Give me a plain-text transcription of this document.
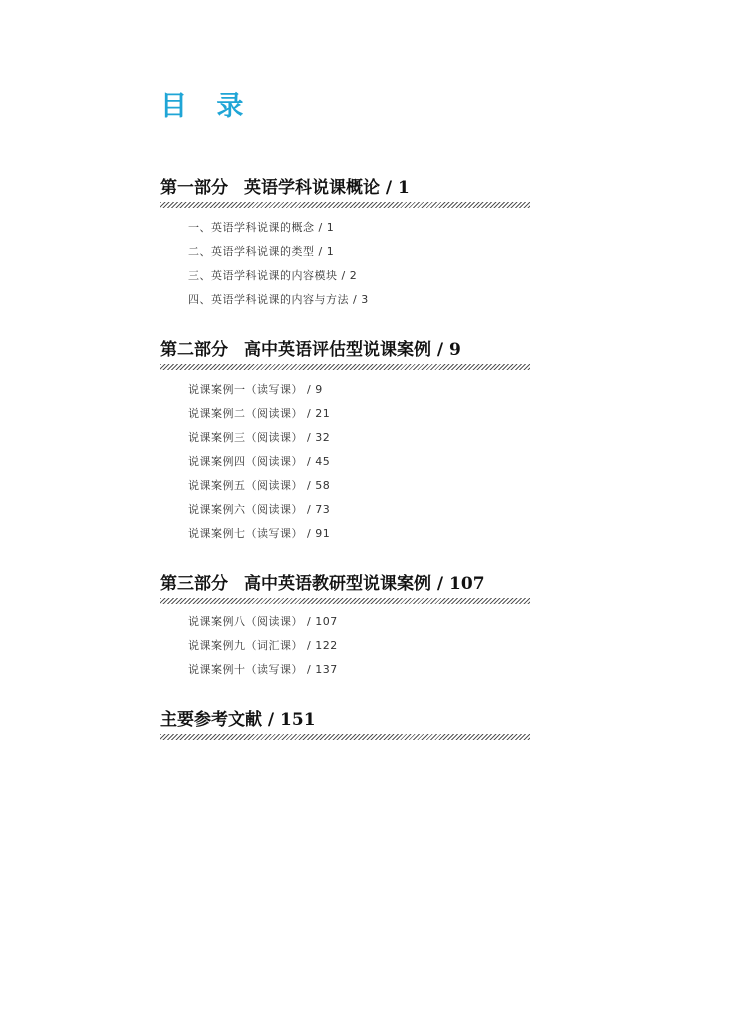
目 录
第一部分 英语学科说课概论 / 1
一、英语学科说课的概念 / 1
二、英语学科说课的类型 / 1
三、英语学科说课的内容模块 / 2
四、英语学科说课的内容与方法 / 3
第二部分 高中英语评估型说课案例 / 9
说课案例一（读写课） / 9
说课案例二（阅读课） / 21
说课案例三（阅读课） / 32
说课案例四（阅读课） / 45
说课案例五（阅读课） / 58
说课案例六（阅读课） / 73
说课案例七（读写课） / 91
第三部分 高中英语教研型说课案例 / 107
说课案例八（阅读课） / 107
说课案例九（词汇课） / 122
说课案例十（读写课） / 137
主要参考文献 / 151
